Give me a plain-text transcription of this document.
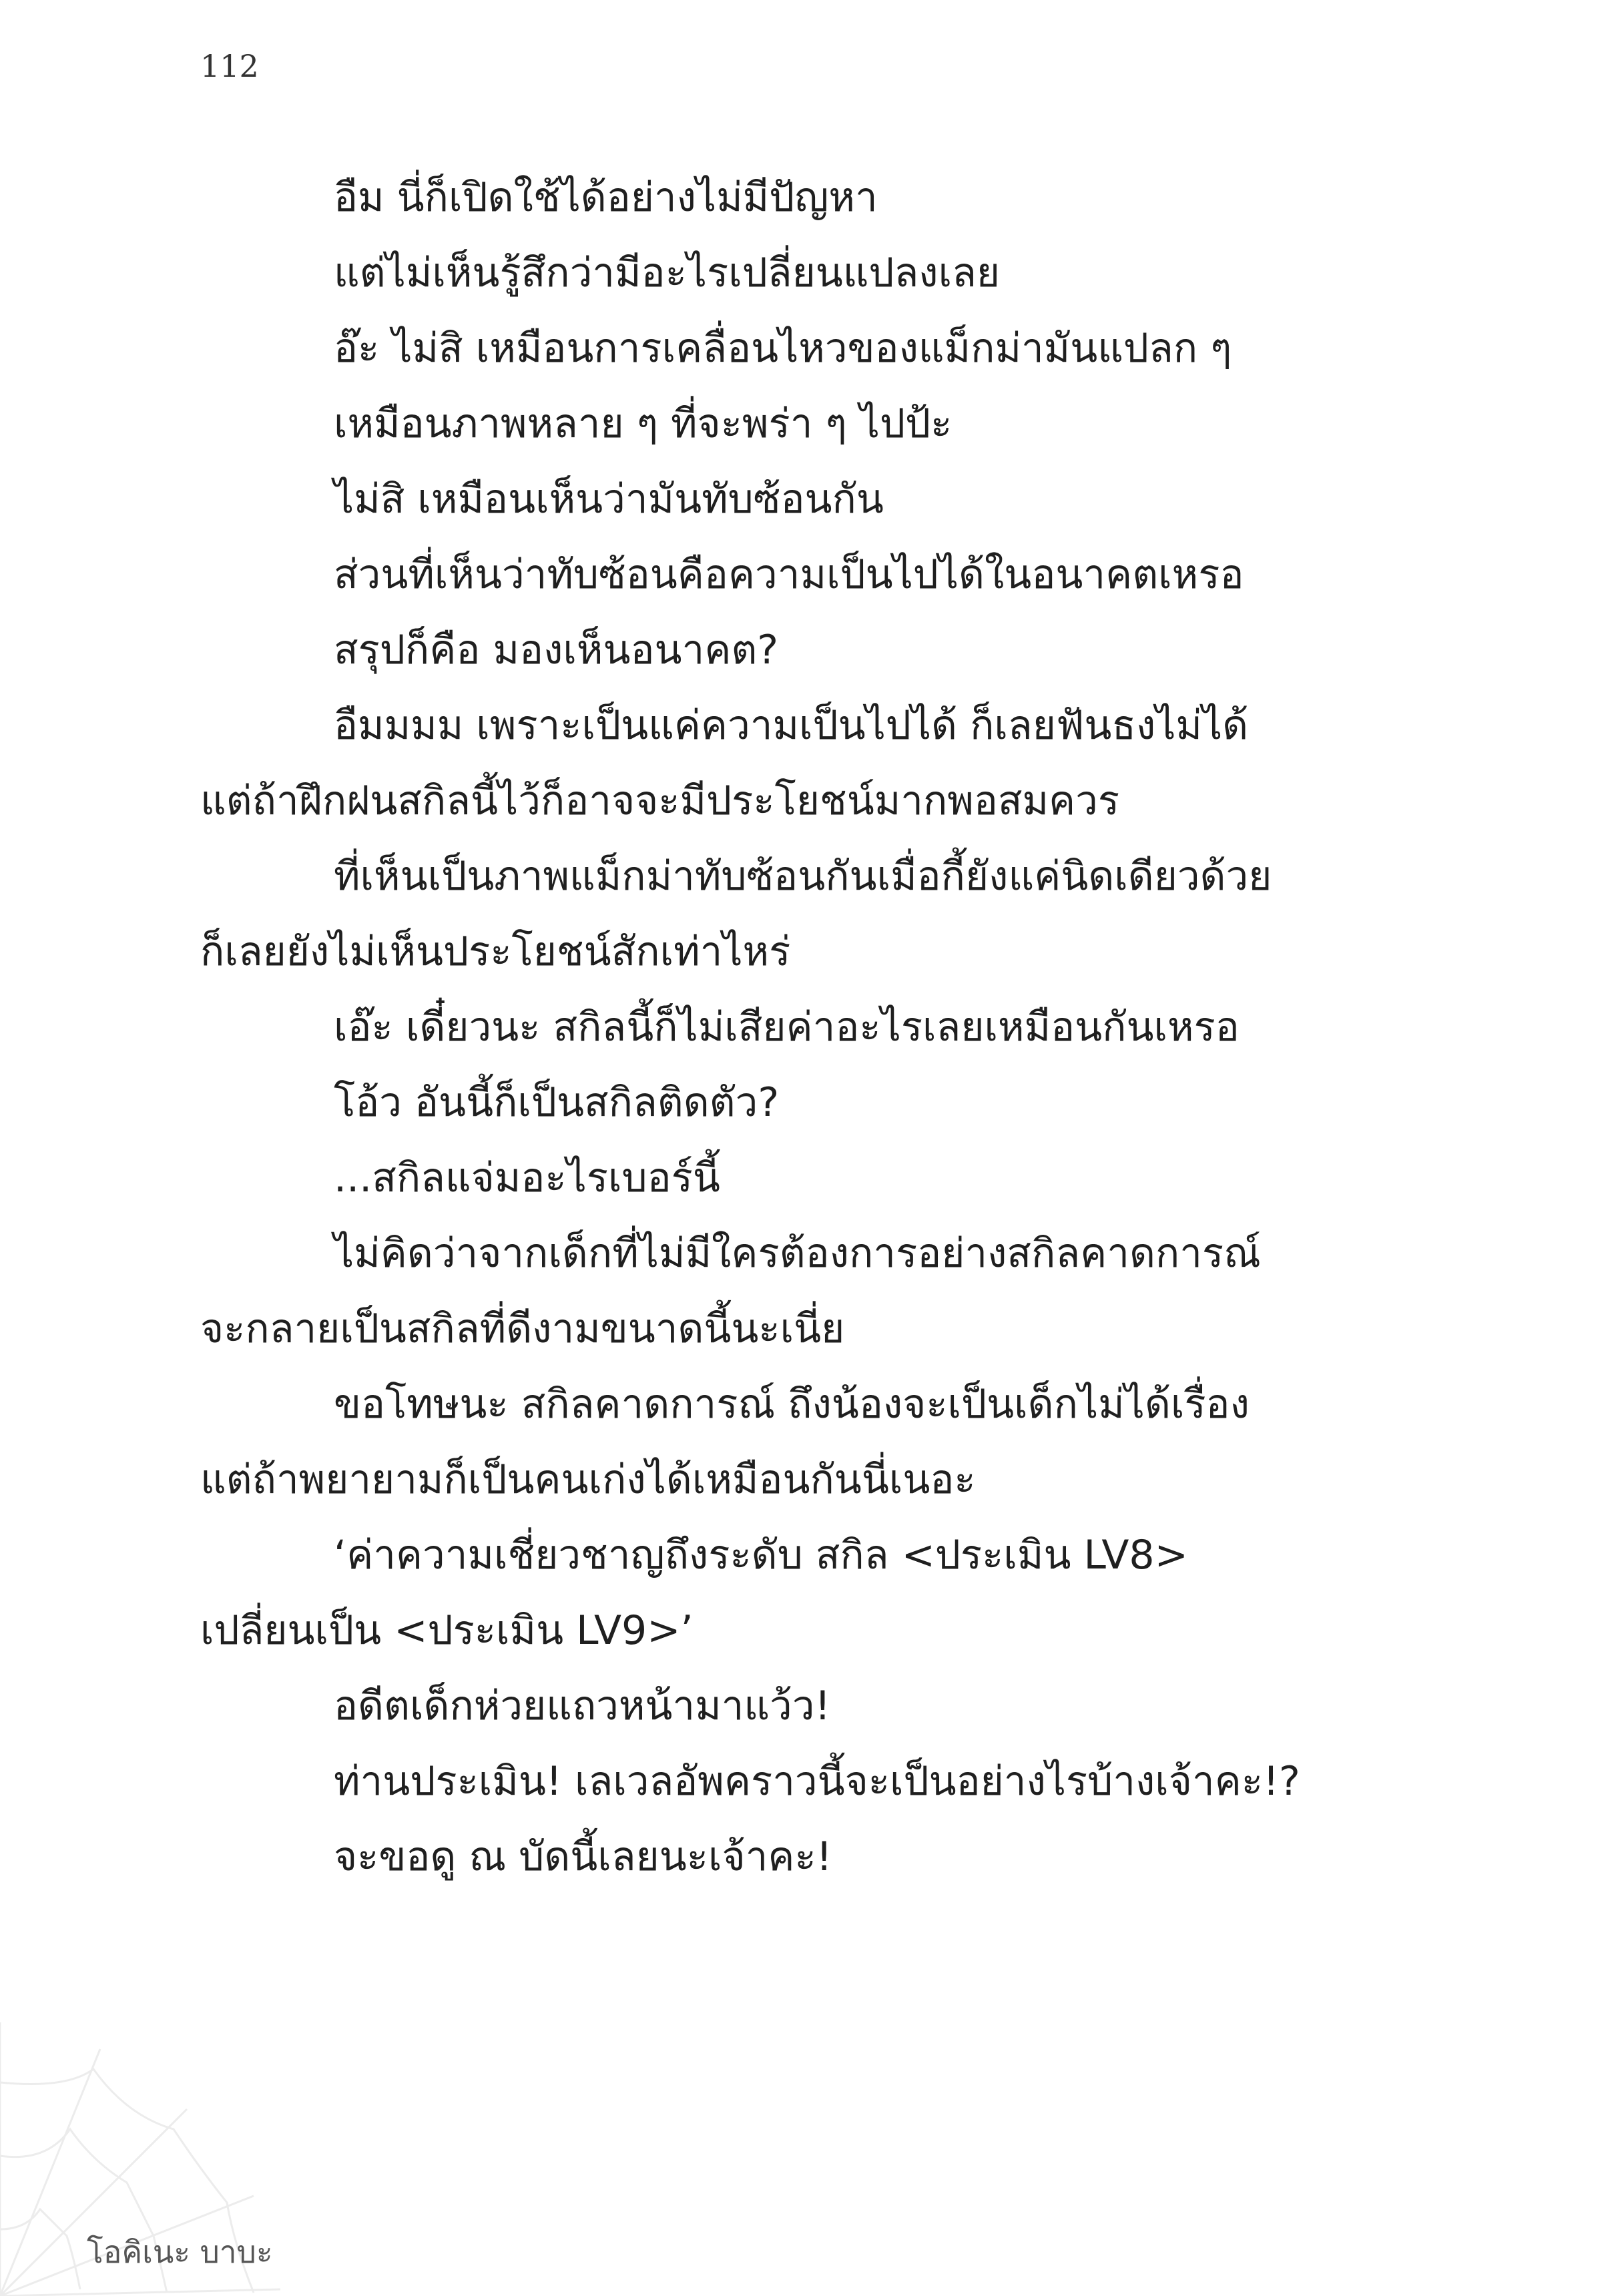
112
อืม นี่ก็เปิดใช้ได้อย่างไม่มีปัญหา
แต่ไม่เห็นรู้สึกว่ามีอะไรเปลี่ยนแปลงเลย
อ๊ะ ไม่สิ เหมือนการเคลื่อนไหวของแม็กม่ามันแปลก ๆ
เหมือนภาพหลาย ๆ ที่จะพร่า ๆ ไปป้ะ
ไม่สิ เหมือนเห็นว่ามันทับซ้อนกัน
ส่วนที่เห็นว่าทับซ้อนคือความเป็นไปได้ในอนาคตเหรอ
สรุปก็คือ มองเห็นอนาคต?
อืมมมม เพราะเป็นแค่ความเป็นไปได้ ก็เลยฟันธงไม่ได้
แต่ถ้าฝึกฝนสกิลนี้ไว้ก็อาจจะมีประโยชน์มากพอสมควร
ที่เห็นเป็นภาพแม็กม่าทับซ้อนกันเมื่อกี้ยังแค่นิดเดียวด้วย
ก็เลยยังไม่เห็นประโยชน์สักเท่าไหร่
เอ๊ะ เดี๋ยวนะ สกิลนี้ก็ไม่เสียค่าอะไรเลยเหมือนกันเหรอ
โอ้ว อันนี้ก็เป็นสกิลติดตัว?
...สกิลแจ่มอะไรเบอร์นี้
ไม่คิดว่าจากเด็กที่ไม่มีใครต้องการอย่างสกิลคาดการณ์
จะกลายเป็นสกิลที่ดีงามขนาดนี้นะเนี่ย
ขอโทษนะ สกิลคาดการณ์ ถึงน้องจะเป็นเด็กไม่ได้เรื่อง
แต่ถ้าพยายามก็เป็นคนเก่งได้เหมือนกันนี่เนอะ
‘ค่าความเชี่ยวชาญถึงระดับ สกิล <ประเมิน LV8>
เปลี่ยนเป็น <ประเมิน LV9>’
อดีตเด็กห่วยแถวหน้ามาแว้ว!
ท่านประเมิน! เลเวลอัพคราวนี้จะเป็นอย่างไรบ้างเจ้าคะ!?
จะขอดู ณ บัดนี้เลยนะเจ้าคะ!
โอคิเนะ บาบะ
